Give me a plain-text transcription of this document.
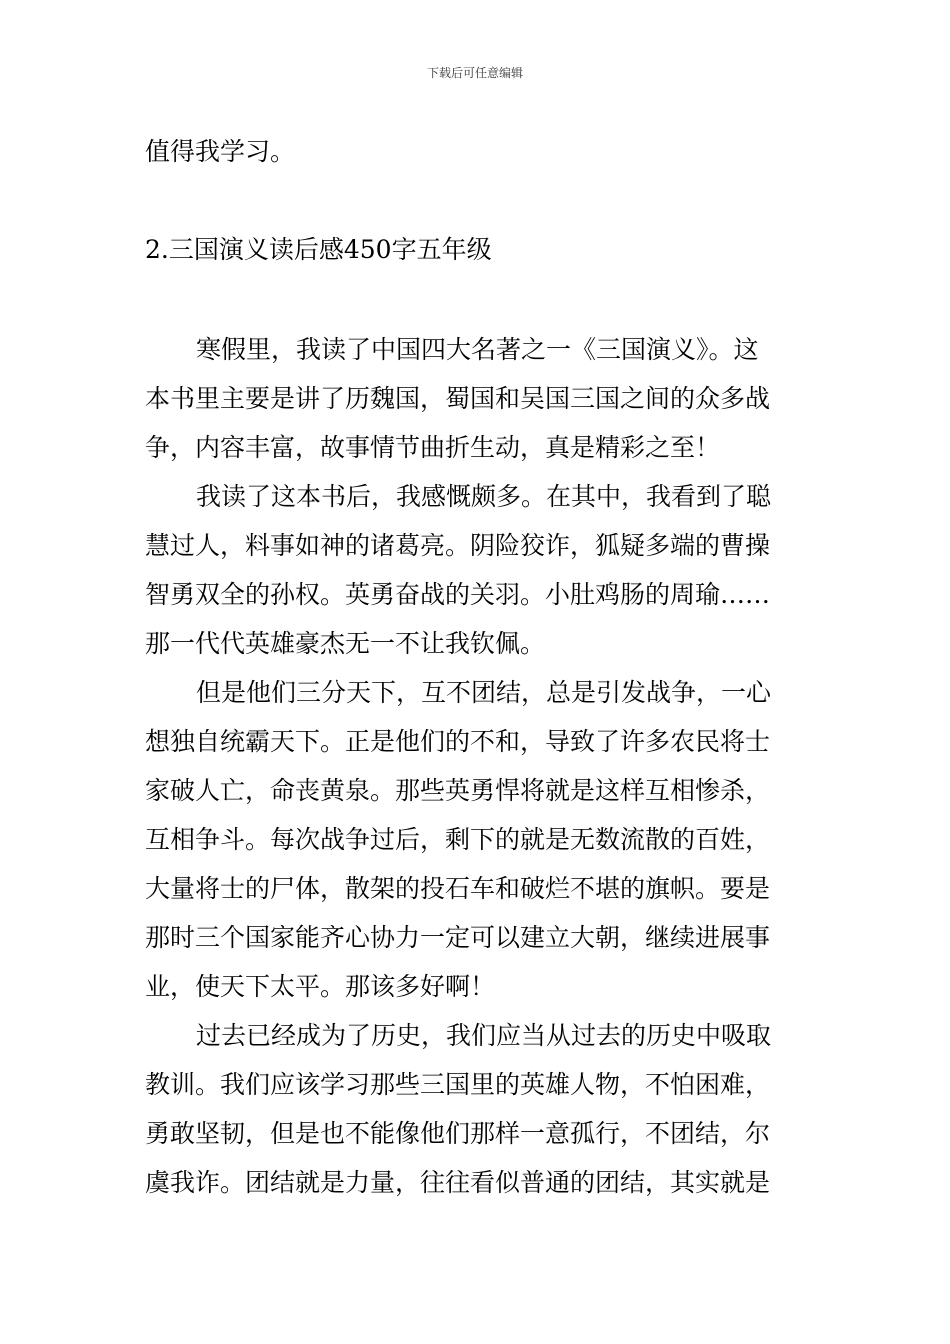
下载后可任意编辑
值得我学习。
2.三国演义读后感450字五年级
寒假里，我读了中国四大名著之一《三国演义》。这
本书里主要是讲了历魏国，蜀国和吴国三国之间的众多战
争，内容丰富，故事情节曲折生动，真是精彩之至！
我读了这本书后，我感慨颇多。在其中，我看到了聪
慧过人，料事如神的诸葛亮。阴险狡诈，狐疑多端的曹操
智勇双全的孙权。英勇奋战的关羽。小肚鸡肠的周瑜……
那一代代英雄豪杰无一不让我钦佩。
但是他们三分天下，互不团结，总是引发战争，一心
想独自统霸天下。正是他们的不和，导致了许多农民将士
家破人亡，命丧黄泉。那些英勇悍将就是这样互相惨杀，
互相争斗。每次战争过后，剩下的就是无数流散的百姓，
大量将士的尸体，散架的投石车和破烂不堪的旗帜。要是
那时三个国家能齐心协力一定可以建立大朝，继续进展事
业，使天下太平。那该多好啊！
过去已经成为了历史，我们应当从过去的历史中吸取
教训。我们应该学习那些三国里的英雄人物，不怕困难，
勇敢坚韧，但是也不能像他们那样一意孤行，不团结，尔
虞我诈。团结就是力量，往往看似普通的团结，其实就是
